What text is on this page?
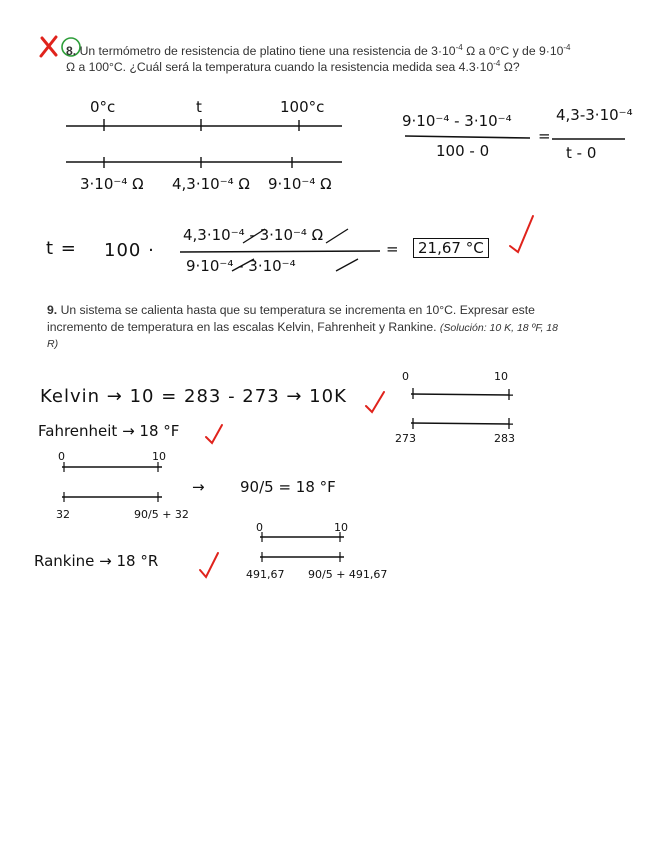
8. Un termómetro de resistencia de platino tiene una resistencia de $3\cdot 10^{-4}$ Ω a 0°C y de $9\cdot 10^{-4}$
Ω a 100°C. ¿Cuál será la temperatura cuando la resistencia medida sea $4.3\cdot 10^{-4}$ Ω?
0°c	t	100°c
3·10⁻⁴ Ω 4,3·10⁻⁴ Ω 9·10⁻⁴ Ω
9·10⁻⁴ - 3·10⁻⁴
100 - 0
=
4,3-3·10⁻⁴
t - 0
t = 100 ·
4,3·10⁻⁴ - 3·10⁻⁴ Ω
9·10⁻⁴ - 3·10⁻⁴
=	21,67 °C
9. Un sistema se calienta hasta que su temperatura se incrementa en 10°C. Expresar este
incremento de temperatura en las escalas Kelvin, Fahrenheit y Rankine. (Solución: 10 K, 18 ºF, 18
R)
Kelvin → 10 = 283 - 273 → 10K
0	10
273	283
Fahrenheit → 18 °F
0	10
32	90/5 + 32
→ 90/5 = 18 °F
Rankine → 18 °R
0	10
491,67 90/5 + 491,67
